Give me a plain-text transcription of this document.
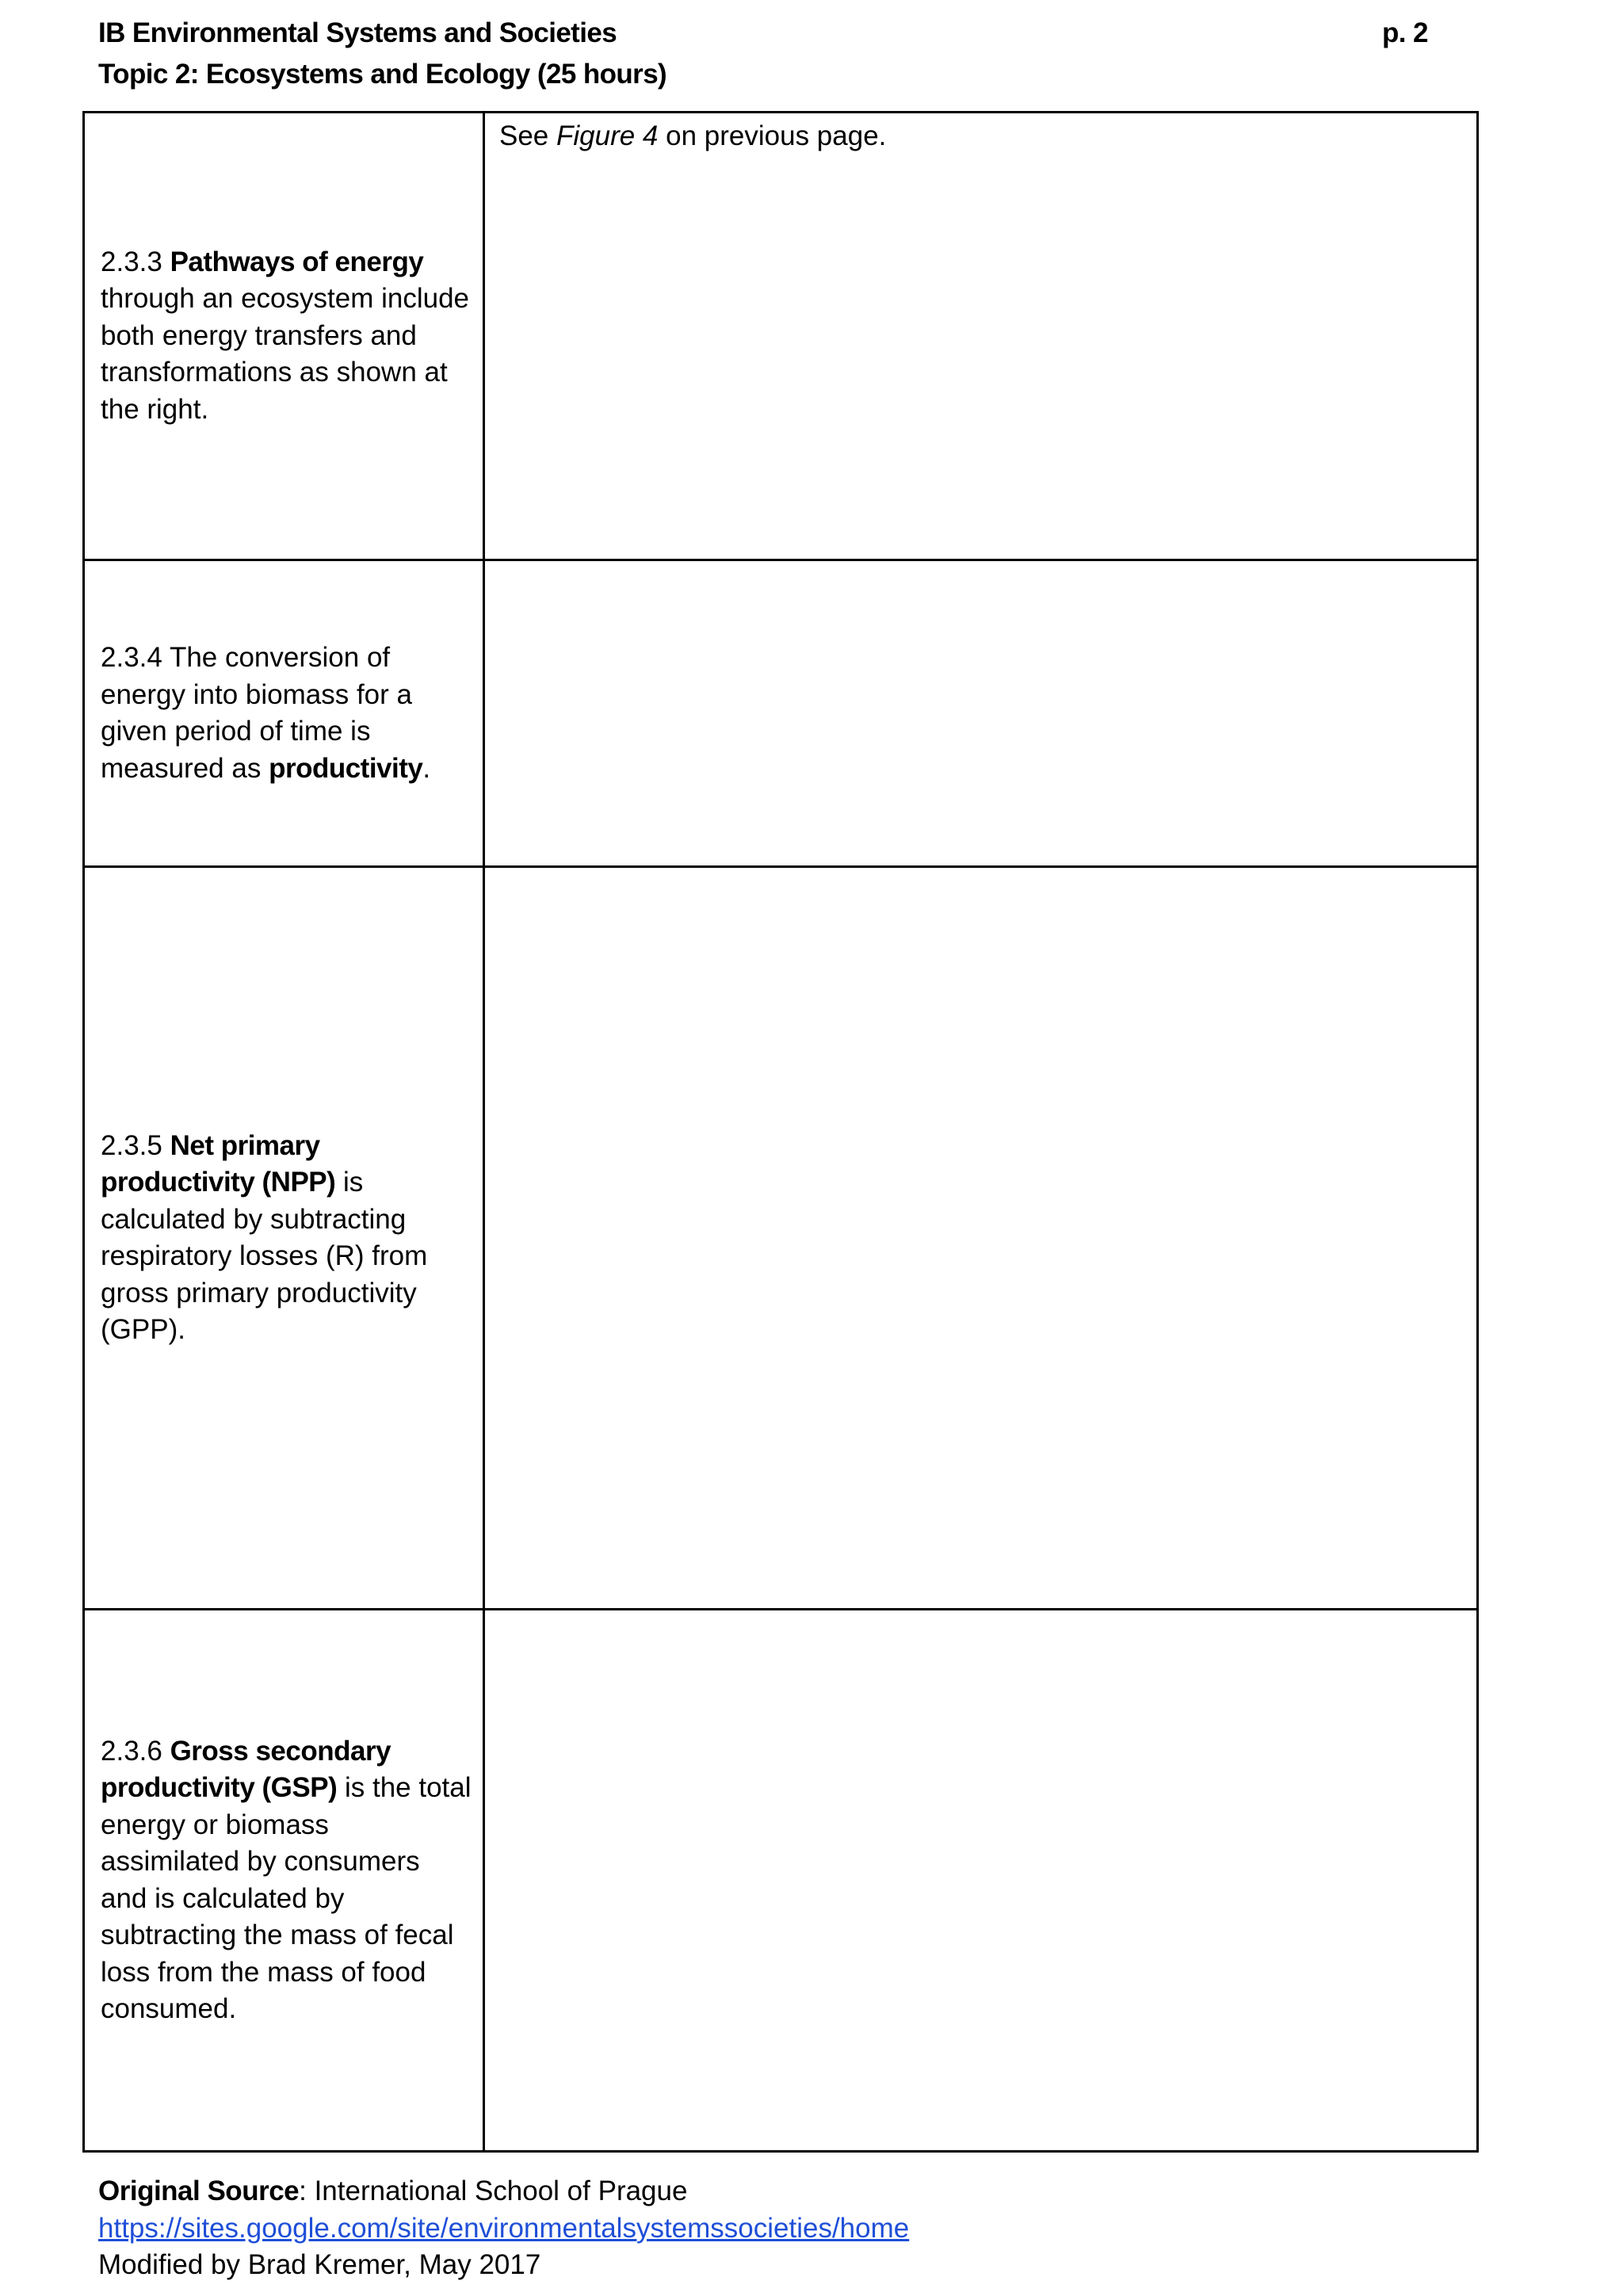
IB Environmental Systems and Societies
Topic 2: Ecosystems and Ecology (25 hours)
p. 2
2.3.3 Pathways of energy through an ecosystem include both energy transfers and transformations as shown at the right.	See Figure 4 on previous page.

2.3.4 The conversion of energy into biomass for a given period of time is measured as productivity.	

2.3.5 Net primary productivity (NPP) is calculated by subtracting respiratory losses (R) from gross primary productivity (GPP).	

2.3.6 Gross secondary productivity (GSP) is the total energy or biomass assimilated by consumers and is calculated by subtracting the mass of fecal loss from the mass of food consumed.	

Original Source: International School of Prague
https://sites.google.com/site/environmentalsystemssocieties/home
Modified by Brad Kremer, May 2017
